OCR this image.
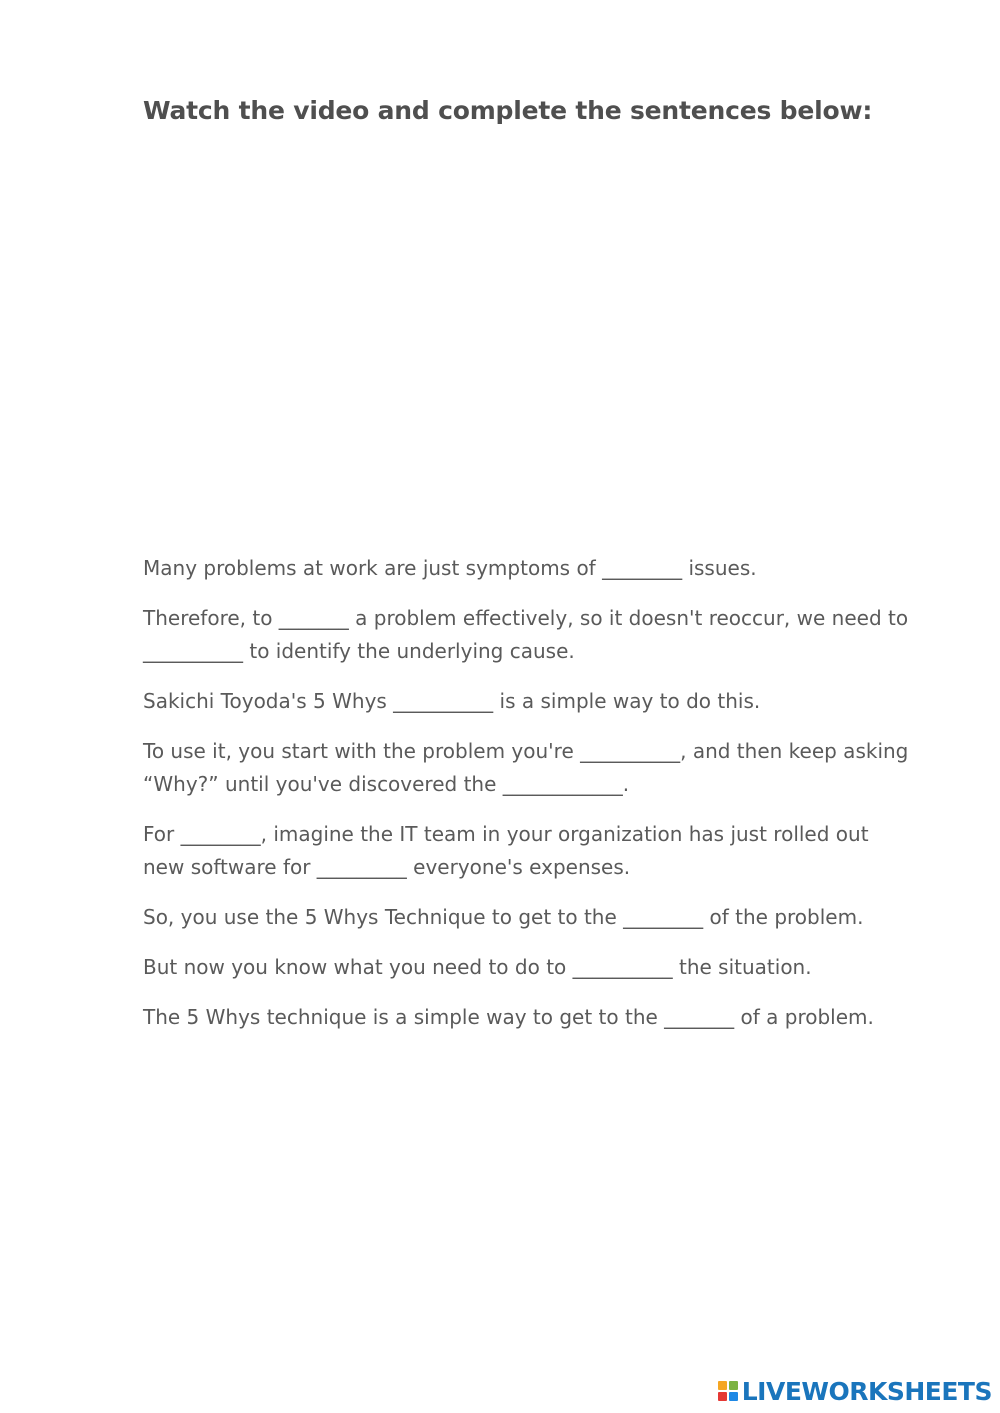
Watch the video and complete the sentences below:

Many problems at work are just symptoms of ________ issues.

Therefore, to _______ a problem effectively, so it doesn't reoccur, we need to __________ to identify the underlying cause.

Sakichi Toyoda's 5 Whys __________ is a simple way to do this.

To use it, you start with the problem you're __________, and then keep asking “Why?” until you've discovered the ____________.

For ________, imagine the IT team in your organization has just rolled out new software for _________ everyone's expenses.

So, you use the 5 Whys Technique to get to the ________ of the problem.

But now you know what you need to do to __________ the situation.

The 5 Whys technique is a simple way to get to the _______ of a problem.

LIVEWORKSHEETS
